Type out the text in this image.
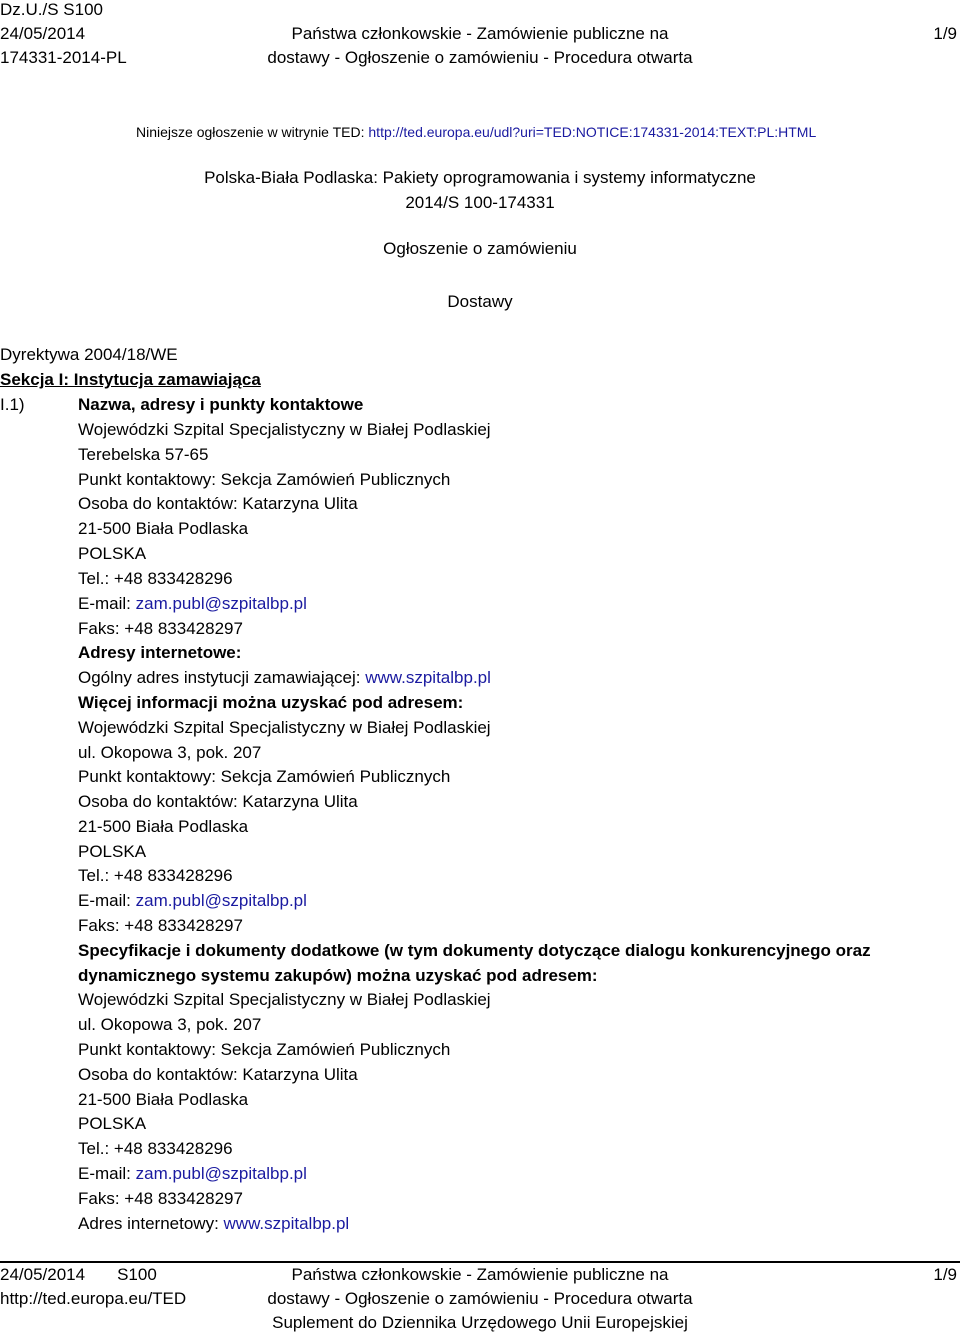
Dz.U./S S100
24/05/2014
174331-2014-PL
Państwa członkowskie - Zamówienie publiczne na
dostawy - Ogłoszenie o zamówieniu - Procedura otwarta
1/9
Niniejsze ogłoszenie w witrynie TED: http://ted.europa.eu/udl?uri=TED:NOTICE:174331-2014:TEXT:PL:HTML
Polska-Biała Podlaska: Pakiety oprogramowania i systemy informatyczne
2014/S 100-174331
Ogłoszenie o zamówieniu
Dostawy
Dyrektywa 2004/18/WE
Sekcja I: Instytucja zamawiająca
I.1)	Nazwa, adresy i punkty kontaktowe
Wojewódzki Szpital Specjalistyczny w Białej Podlaskiej
Terebelska 57-65
Punkt kontaktowy: Sekcja Zamówień Publicznych
Osoba do kontaktów: Katarzyna Ulita
21-500 Biała Podlaska
POLSKA
Tel.: +48 833428296
E-mail: zam.publ@szpitalbp.pl
Faks: +48 833428297
Adresy internetowe:
Ogólny adres instytucji zamawiającej: www.szpitalbp.pl
Więcej informacji można uzyskać pod adresem:
Wojewódzki Szpital Specjalistyczny w Białej Podlaskiej
ul. Okopowa 3, pok. 207
Punkt kontaktowy: Sekcja Zamówień Publicznych
Osoba do kontaktów: Katarzyna Ulita
21-500 Biała Podlaska
POLSKA
Tel.: +48 833428296
E-mail: zam.publ@szpitalbp.pl
Faks: +48 833428297
Specyfikacje i dokumenty dodatkowe (w tym dokumenty dotyczące dialogu konkurencyjnego oraz
dynamicznego systemu zakupów) można uzyskać pod adresem:
Wojewódzki Szpital Specjalistyczny w Białej Podlaskiej
ul. Okopowa 3, pok. 207
Punkt kontaktowy: Sekcja Zamówień Publicznych
Osoba do kontaktów: Katarzyna Ulita
21-500 Biała Podlaska
POLSKA
Tel.: +48 833428296
E-mail: zam.publ@szpitalbp.pl
Faks: +48 833428297
Adres internetowy: www.szpitalbp.pl
24/05/2014 S100
http://ted.europa.eu/TED
Państwa członkowskie - Zamówienie publiczne na
dostawy - Ogłoszenie o zamówieniu - Procedura otwarta
Suplement do Dziennika Urzędowego Unii Europejskiej
1/9
